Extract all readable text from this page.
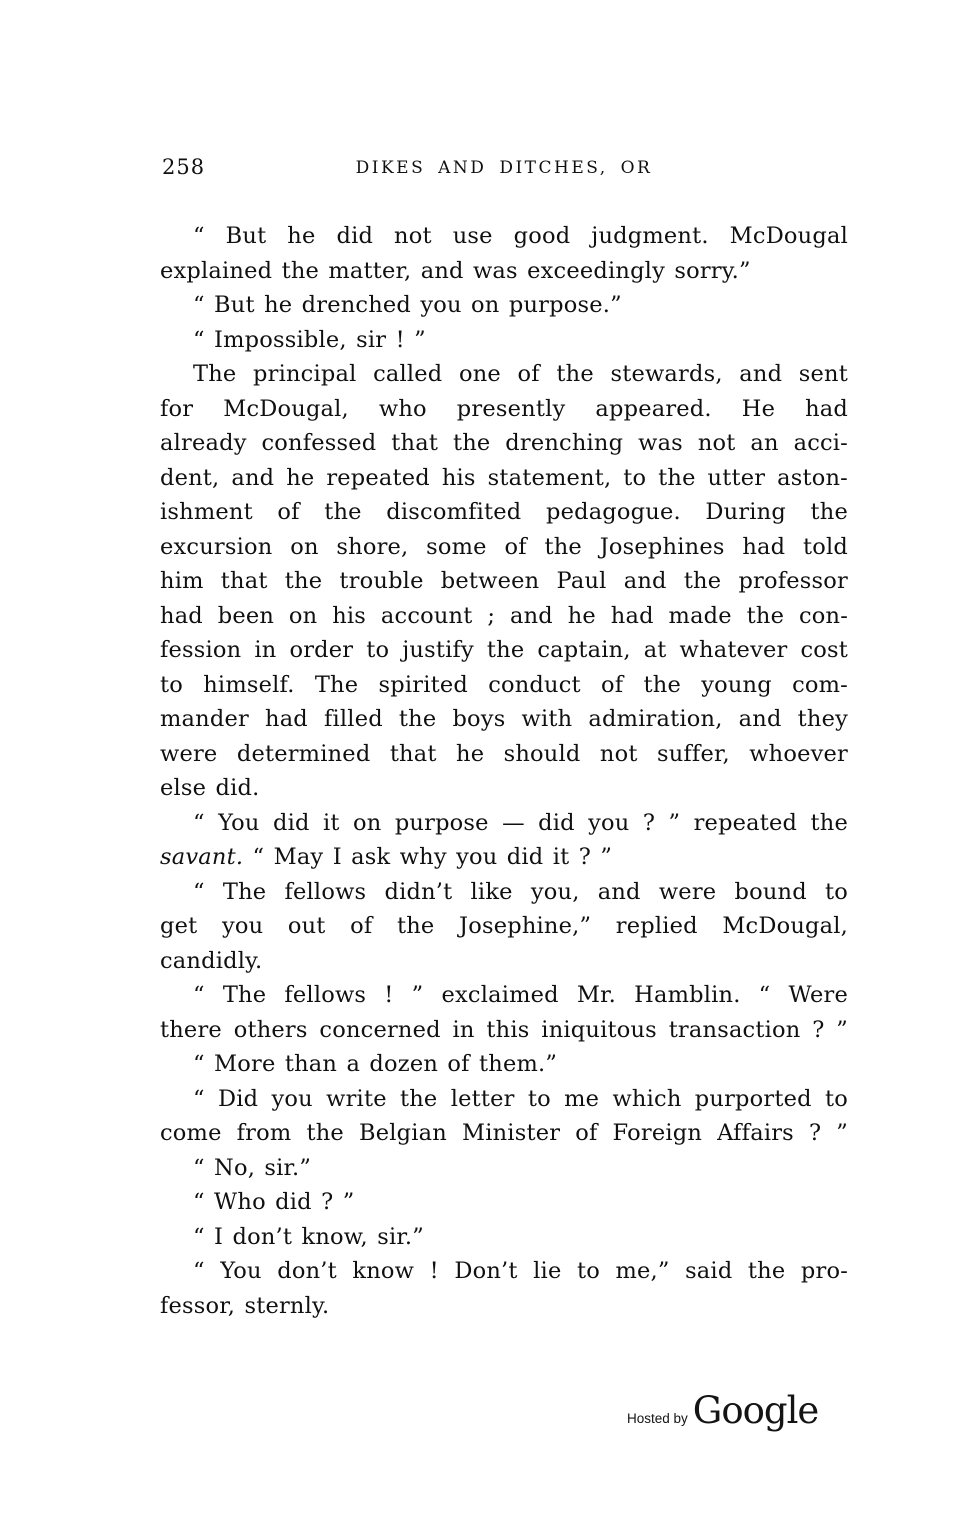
258	DIKES AND DITCHES, OR
“ But he did not use good judgment. McDougal
explained the matter, and was exceedingly sorry.”
“ But he drenched you on purpose.”
“ Impossible, sir ! ”
The principal called one of the stewards, and sent
for McDougal, who presently appeared. He had
already confessed that the drenching was not an acci-
dent, and he repeated his statement, to the utter aston-
ishment of the discomfited pedagogue. During the
excursion on shore, some of the Josephines had told
him that the trouble between Paul and the professor
had been on his account ; and he had made the con-
fession in order to justify the captain, at whatever cost
to himself. The spirited conduct of the young com-
mander had filled the boys with admiration, and they
were determined that he should not suffer, whoever
else did.
“ You did it on purpose — did you ? ” repeated the
savant. “ May I ask why you did it ? ”
“ The fellows didn’t like you, and were bound to
get you out of the Josephine,” replied McDougal,
candidly.
“ The fellows ! ” exclaimed Mr. Hamblin. “ Were
there others concerned in this iniquitous transaction ? ”
“ More than a dozen of them.”
“ Did you write the letter to me which purported to
come from the Belgian Minister of Foreign Affairs ? ”
“ No, sir.”
“ Who did ? ”
“ I don’t know, sir.”
“ You don’t know ! Don’t lie to me,” said the pro-
fessor, sternly.
Hosted by Google
